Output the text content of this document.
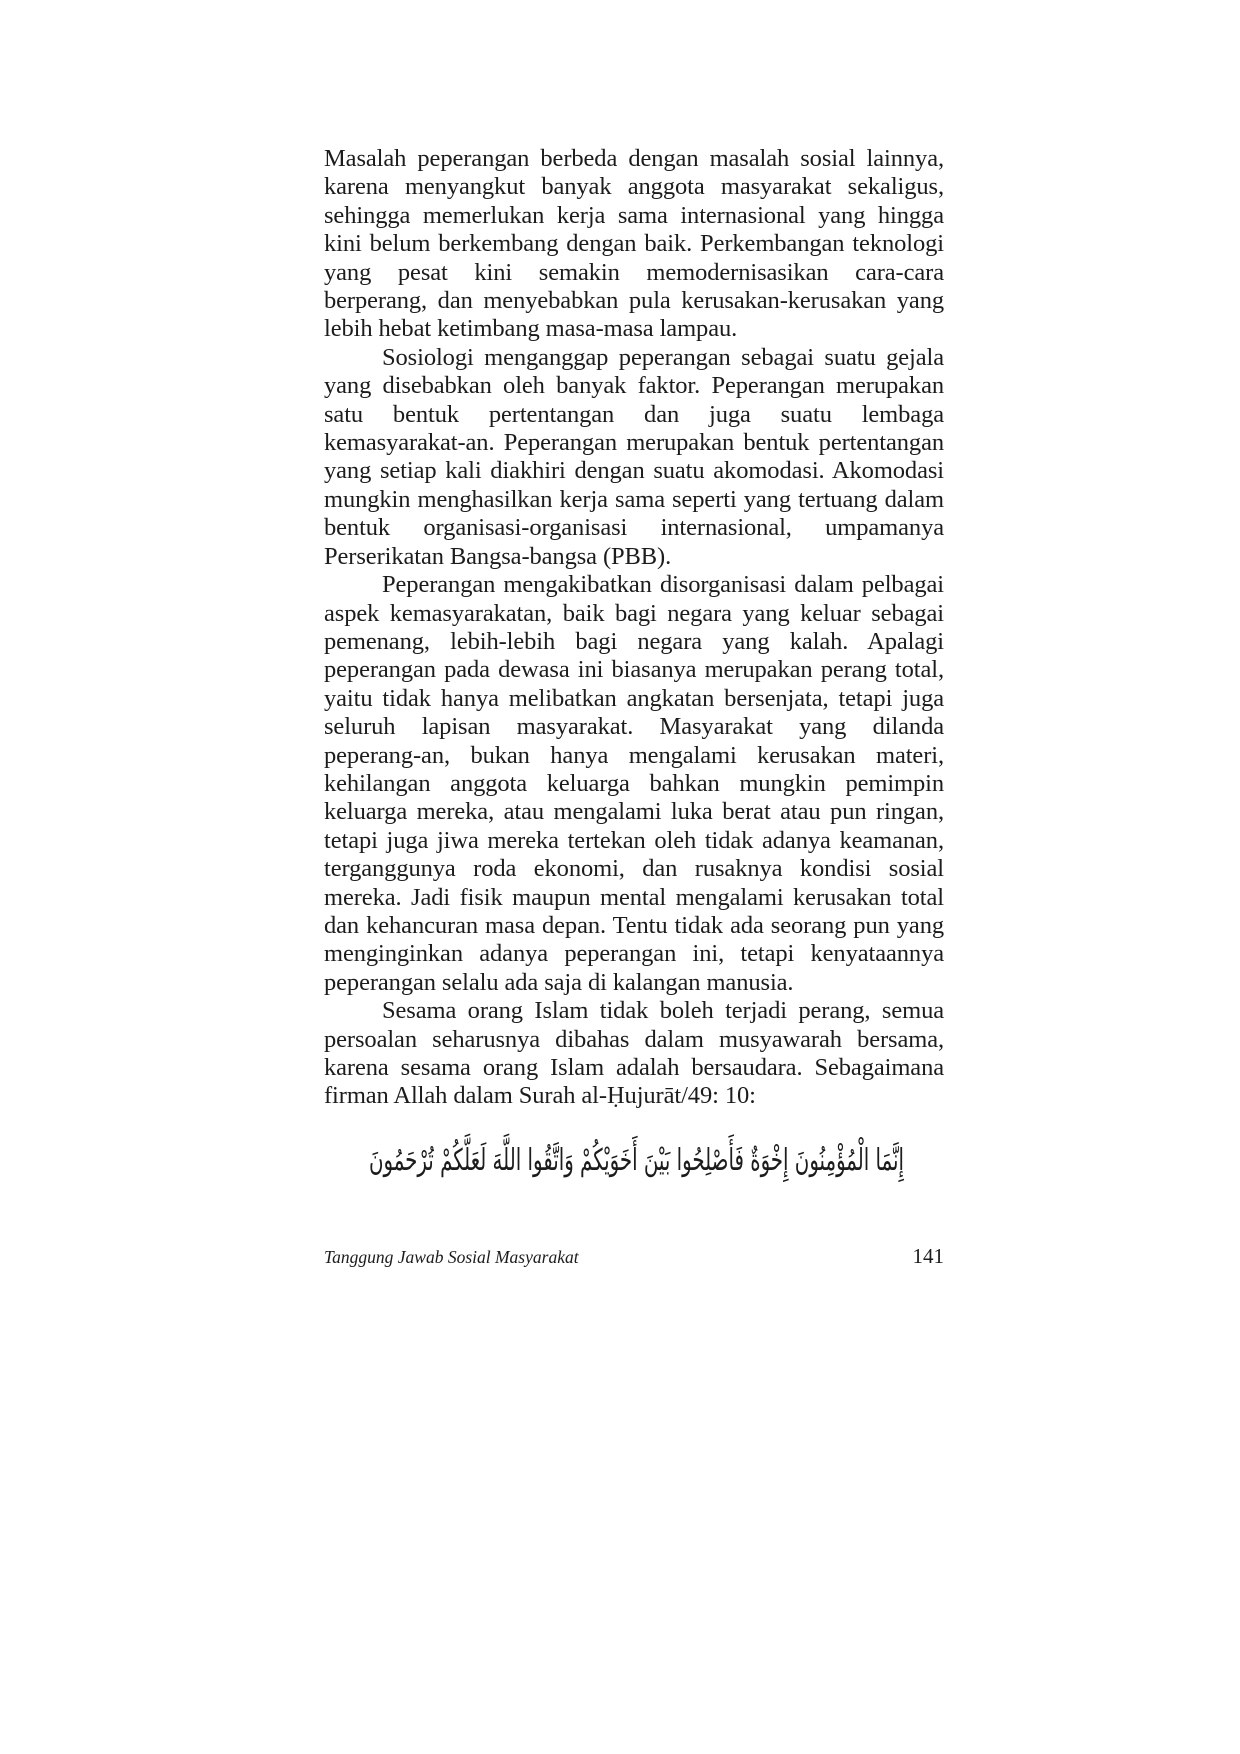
Masalah peperangan berbeda dengan masalah sosial lainnya, karena menyangkut banyak anggota masyarakat sekaligus, sehingga memerlukan kerja sama internasional yang hingga kini belum berkembang dengan baik. Perkembangan teknologi yang pesat kini semakin memodernisasikan cara-cara berperang, dan menyebabkan pula kerusakan-kerusakan yang lebih hebat ketimbang masa-masa lampau.

Sosiologi menganggap peperangan sebagai suatu gejala yang disebabkan oleh banyak faktor. Peperangan merupakan satu bentuk pertentangan dan juga suatu lembaga kemasyarakat-an. Peperangan merupakan bentuk pertentangan yang setiap kali diakhiri dengan suatu akomodasi. Akomodasi mungkin menghasilkan kerja sama seperti yang tertuang dalam bentuk organisasi-organisasi internasional, umpamanya Perserikatan Bangsa-bangsa (PBB).

Peperangan mengakibatkan disorganisasi dalam pelbagai aspek kemasyarakatan, baik bagi negara yang keluar sebagai pemenang, lebih-lebih bagi negara yang kalah. Apalagi peperangan pada dewasa ini biasanya merupakan perang total, yaitu tidak hanya melibatkan angkatan bersenjata, tetapi juga seluruh lapisan masyarakat. Masyarakat yang dilanda peperang-an, bukan hanya mengalami kerusakan materi, kehilangan anggota keluarga bahkan mungkin pemimpin keluarga mereka, atau mengalami luka berat atau pun ringan, tetapi juga jiwa mereka tertekan oleh tidak adanya keamanan, terganggunya roda ekonomi, dan rusaknya kondisi sosial mereka. Jadi fisik maupun mental mengalami kerusakan total dan kehancuran masa depan. Tentu tidak ada seorang pun yang menginginkan adanya peperangan ini, tetapi kenyataannya peperangan selalu ada saja di kalangan manusia.

Sesama orang Islam tidak boleh terjadi perang, semua persoalan seharusnya dibahas dalam musyawarah bersama, karena sesama orang Islam adalah bersaudara. Sebagaimana firman Allah dalam Surah al-Ḥujurāt/49: 10:

إِنَّمَا الْمُؤْمِنُونَ إِخْوَةٌ فَأَصْلِحُوا بَيْنَ أَخَوَيْكُمْ وَاتَّقُوا اللَّهَ لَعَلَّكُمْ تُرْحَمُونَ
Tanggung Jawab Sosial Masyarakat	141
